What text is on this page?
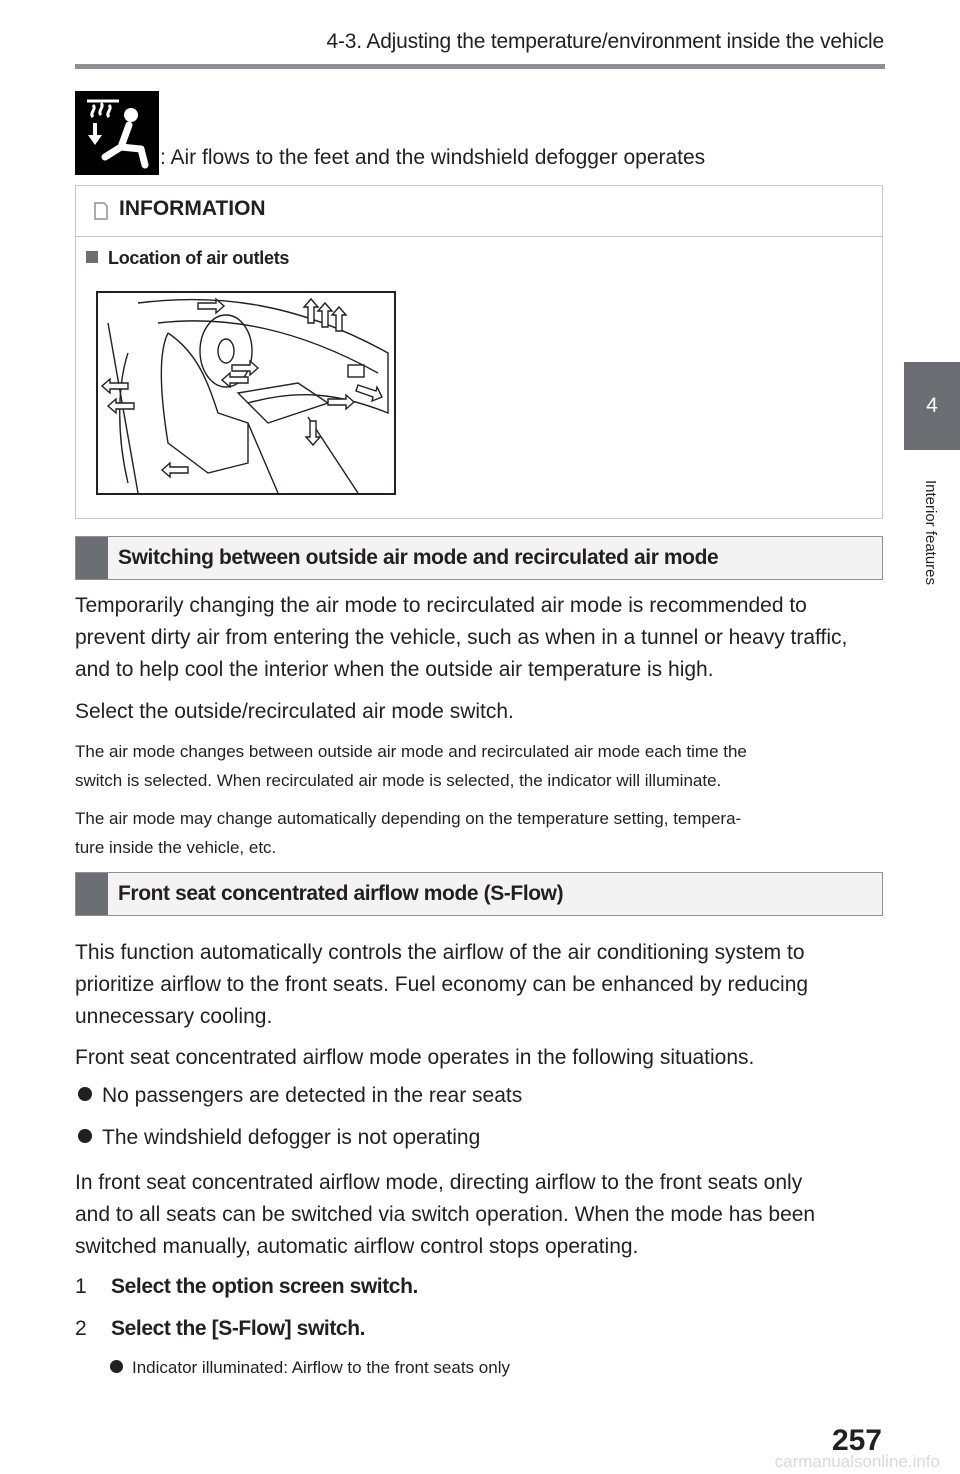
4-3. Adjusting the temperature/environment inside the vehicle
4
Interior features
: Air flows to the feet and the windshield defogger operates
INFORMATION
Location of air outlets
Switching between outside air mode and recirculated air mode
Temporarily changing the air mode to recirculated air mode is recommended to
prevent dirty air from entering the vehicle, such as when in a tunnel or heavy traffic,
and to help cool the interior when the outside air temperature is high.
Select the outside/recirculated air mode switch.
The air mode changes between outside air mode and recirculated air mode each time the
switch is selected. When recirculated air mode is selected, the indicator will illuminate.
The air mode may change automatically depending on the temperature setting, tempera-
ture inside the vehicle, etc.
Front seat concentrated airflow mode (S-Flow)
This function automatically controls the airflow of the air conditioning system to
prioritize airflow to the front seats. Fuel economy can be enhanced by reducing
unnecessary cooling.
Front seat concentrated airflow mode operates in the following situations.
No passengers are detected in the rear seats
The windshield defogger is not operating
In front seat concentrated airflow mode, directing airflow to the front seats only
and to all seats can be switched via switch operation. When the mode has been
switched manually, automatic airflow control stops operating.
1 Select the option screen switch.
2 Select the [S-Flow] switch.
Indicator illuminated: Airflow to the front seats only
257
carmanualsonline.info
